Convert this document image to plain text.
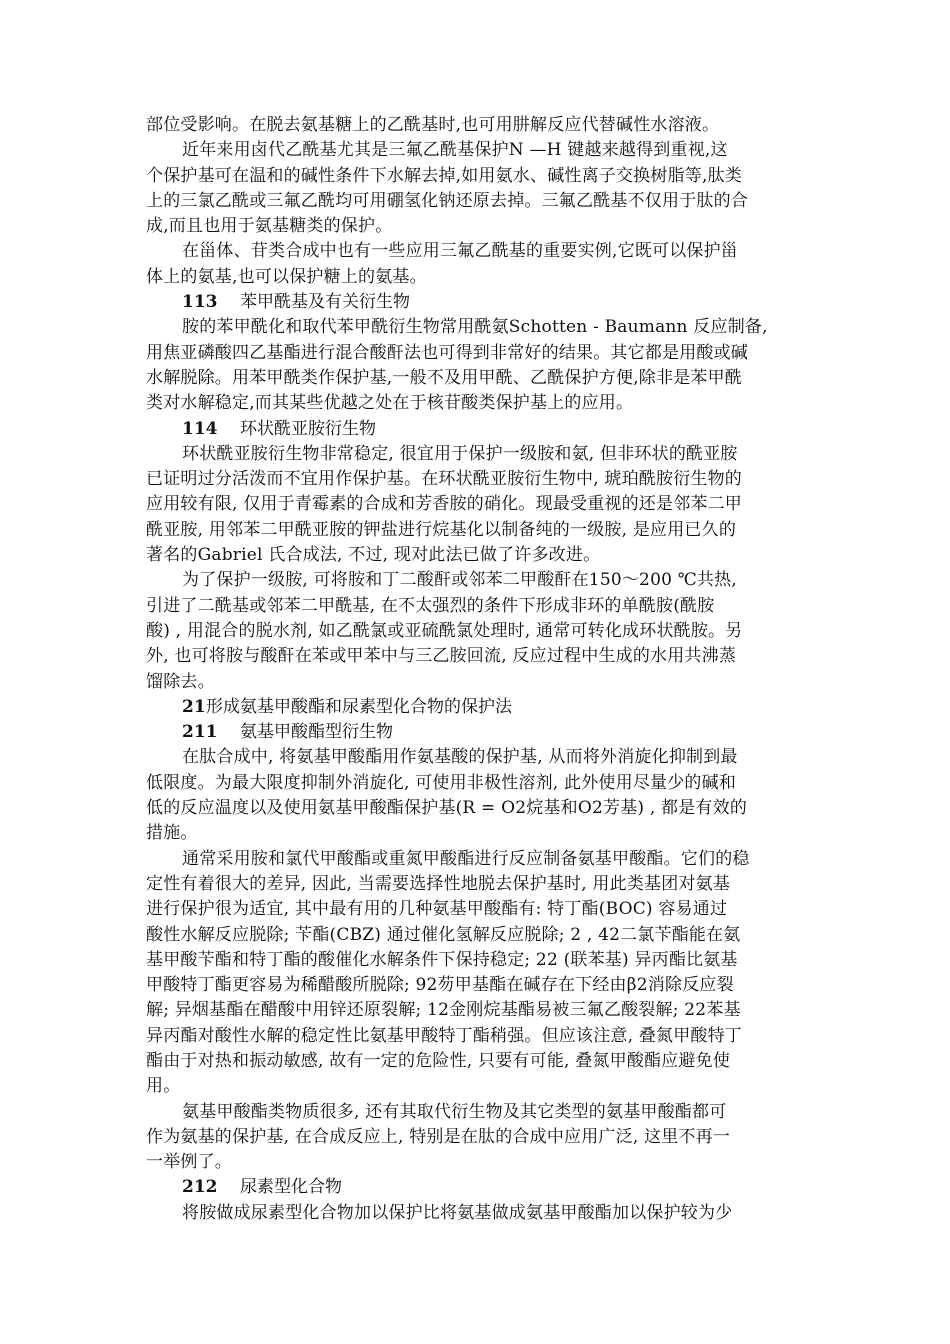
部位受影响。在脱去氨基糖上的乙酰基时,也可用肼解反应代替碱性水溶液。
近年来用卤代乙酰基尤其是三氟乙酰基保护N —H 键越来越得到重视,这
个保护基可在温和的碱性条件下水解去掉,如用氨水、碱性离子交换树脂等,肽类
上的三氯乙酰或三氟乙酰均可用硼氢化钠还原去掉。三氟乙酰基不仅用于肽的合
成,而且也用于氨基糖类的保护。
在甾体、苷类合成中也有一些应用三氟乙酰基的重要实例,它既可以保护甾
体上的氨基,也可以保护糖上的氨基。
113 苯甲酰基及有关衍生物
胺的苯甲酰化和取代苯甲酰衍生物常用酰氨Schotten - Baumann 反应制备,
用焦亚磷酸四乙基酯进行混合酸酐法也可得到非常好的结果。其它都是用酸或碱
水解脱除。用苯甲酰类作保护基,一般不及用甲酰、乙酰保护方便,除非是苯甲酰
类对水解稳定,而其某些优越之处在于核苷酸类保护基上的应用。
114 环状酰亚胺衍生物
环状酰亚胺衍生物非常稳定, 很宜用于保护一级胺和氨, 但非环状的酰亚胺
已证明过分活泼而不宜用作保护基。在环状酰亚胺衍生物中, 琥珀酰胺衍生物的
应用较有限, 仅用于青霉素的合成和芳香胺的硝化。现最受重视的还是邻苯二甲
酰亚胺, 用邻苯二甲酰亚胺的钾盐进行烷基化以制备纯的一级胺, 是应用已久的
著名的Gabriel 氏合成法, 不过, 现对此法已做了许多改进。
为了保护一级胺, 可将胺和丁二酸酐或邻苯二甲酸酐在150～200 ℃共热,
引进了二酰基或邻苯二甲酰基, 在不太强烈的条件下形成非环的单酰胺(酰胺
酸) , 用混合的脱水剂, 如乙酰氯或亚硫酰氯处理时, 通常可转化成环状酰胺。另
外, 也可将胺与酸酐在苯或甲苯中与三乙胺回流, 反应过程中生成的水用共沸蒸
馏除去。
21形成氨基甲酸酯和尿素型化合物的保护法
211 氨基甲酸酯型衍生物
在肽合成中, 将氨基甲酸酯用作氨基酸的保护基, 从而将外消旋化抑制到最
低限度。为最大限度抑制外消旋化, 可使用非极性溶剂, 此外使用尽量少的碱和
低的反应温度以及使用氨基甲酸酯保护基(R = O2烷基和O2芳基) , 都是有效的
措施。
通常采用胺和氯代甲酸酯或重氮甲酸酯进行反应制备氨基甲酸酯。它们的稳
定性有着很大的差异, 因此, 当需要选择性地脱去保护基时, 用此类基团对氨基
进行保护很为适宜, 其中最有用的几种氨基甲酸酯有: 特丁酯(BOC) 容易通过
酸性水解反应脱除; 苄酯(CBZ) 通过催化氢解反应脱除; 2 , 42二氯苄酯能在氨
基甲酸苄酯和特丁酯的酸催化水解条件下保持稳定; 22 (联苯基) 异丙酯比氨基
甲酸特丁酯更容易为稀醋酸所脱除; 92芴甲基酯在碱存在下经由β2消除反应裂
解; 异烟基酯在醋酸中用锌还原裂解; 12金刚烷基酯易被三氟乙酸裂解; 22苯基
异丙酯对酸性水解的稳定性比氨基甲酸特丁酯稍强。但应该注意, 叠氮甲酸特丁
酯由于对热和振动敏感, 故有一定的危险性, 只要有可能, 叠氮甲酸酯应避免使
用。
氨基甲酸酯类物质很多, 还有其取代衍生物及其它类型的氨基甲酸酯都可
作为氨基的保护基, 在合成反应上, 特别是在肽的合成中应用广泛, 这里不再一
一举例了。
212 尿素型化合物
将胺做成尿素型化合物加以保护比将氨基做成氨基甲酸酯加以保护较为少
